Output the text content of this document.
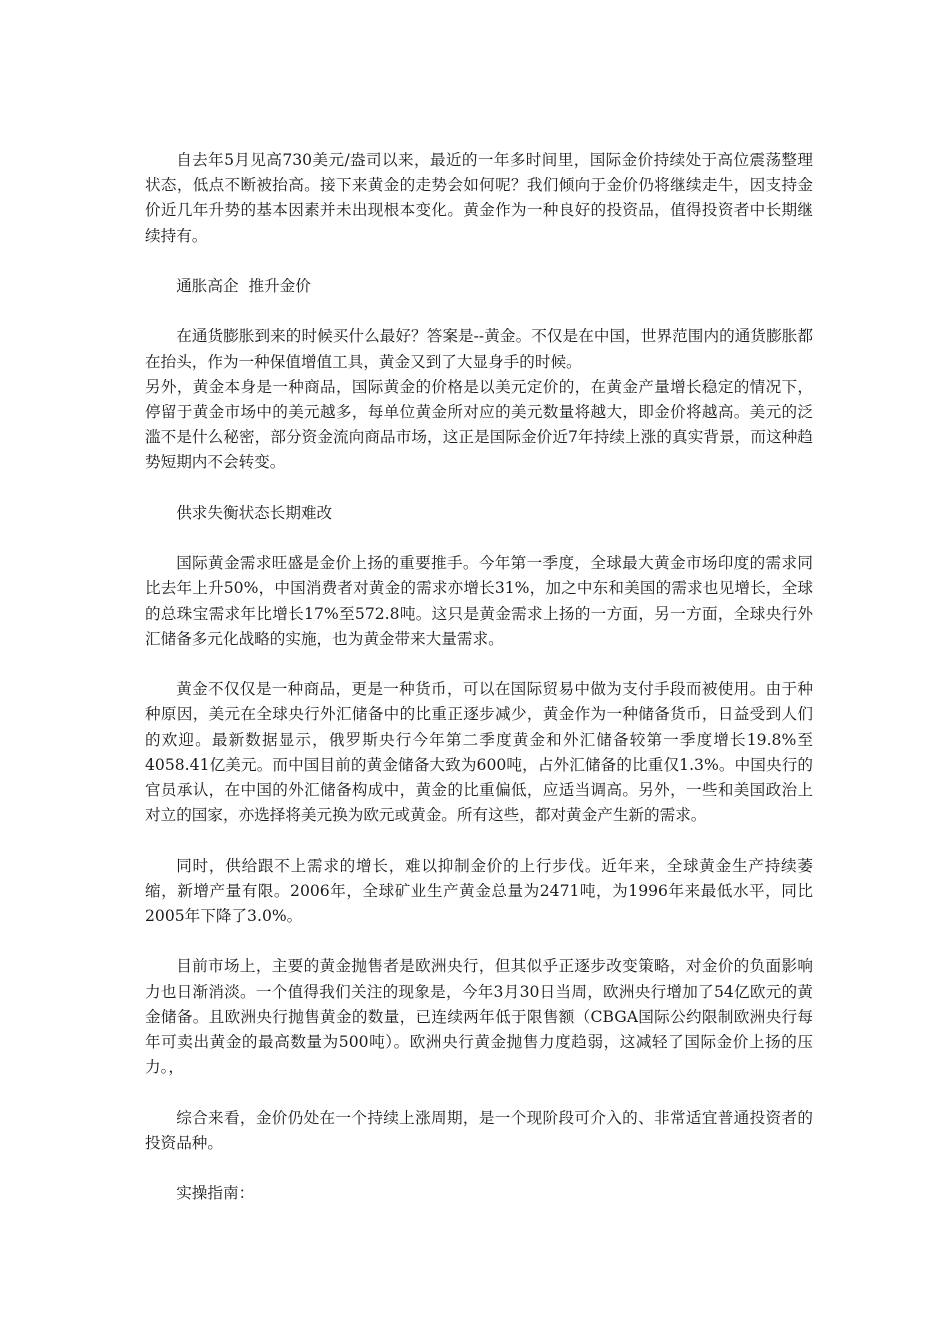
自去年5月见高730美元/盎司以来，最近的一年多时间里，国际金价持续处于高位震荡整理状态，低点不断被抬高。接下来黄金的走势会如何呢？我们倾向于金价仍将继续走牛，因支持金价近几年升势的基本因素并未出现根本变化。黄金作为一种良好的投资品，值得投资者中长期继续持有。

通胀高企  推升金价

在通货膨胀到来的时候买什么最好？答案是--黄金。不仅是在中国，世界范围内的通货膨胀都在抬头，作为一种保值增值工具，黄金又到了大显身手的时候。

另外，黄金本身是一种商品，国际黄金的价格是以美元定价的，在黄金产量增长稳定的情况下，停留于黄金市场中的美元越多，每单位黄金所对应的美元数量将越大，即金价将越高。美元的泛滥不是什么秘密，部分资金流向商品市场，这正是国际金价近7年持续上涨的真实背景，而这种趋势短期内不会转变。

供求失衡状态长期难改

国际黄金需求旺盛是金价上扬的重要推手。今年第一季度，全球最大黄金市场印度的需求同比去年上升50%，中国消费者对黄金的需求亦增长31%，加之中东和美国的需求也见增长，全球的总珠宝需求年比增长17%至572.8吨。这只是黄金需求上扬的一方面，另一方面，全球央行外汇储备多元化战略的实施，也为黄金带来大量需求。

黄金不仅仅是一种商品，更是一种货币，可以在国际贸易中做为支付手段而被使用。由于种种原因，美元在全球央行外汇储备中的比重正逐步减少，黄金作为一种储备货币，日益受到人们的欢迎。最新数据显示，俄罗斯央行今年第二季度黄金和外汇储备较第一季度增长19.8%至4058.41亿美元。而中国目前的黄金储备大致为600吨，占外汇储备的比重仅1.3%。中国央行的官员承认，在中国的外汇储备构成中，黄金的比重偏低，应适当调高。另外，一些和美国政治上对立的国家，亦选择将美元换为欧元或黄金。所有这些，都对黄金产生新的需求。

同时，供给跟不上需求的增长，难以抑制金价的上行步伐。近年来，全球黄金生产持续萎缩，新增产量有限。2006年，全球矿业生产黄金总量为2471吨，为1996年来最低水平，同比2005年下降了3.0%。

目前市场上，主要的黄金抛售者是欧洲央行，但其似乎正逐步改变策略，对金价的负面影响力也日渐消淡。一个值得我们关注的现象是，今年3月30日当周，欧洲央行增加了54亿欧元的黄金储备。且欧洲央行抛售黄金的数量，已连续两年低于限售额（CBGA国际公约限制欧洲央行每年可卖出黄金的最高数量为500吨）。欧洲央行黄金抛售力度趋弱，这减轻了国际金价上扬的压力。，

综合来看，金价仍处在一个持续上涨周期，是一个现阶段可介入的、非常适宜普通投资者的投资品种。

实操指南：
